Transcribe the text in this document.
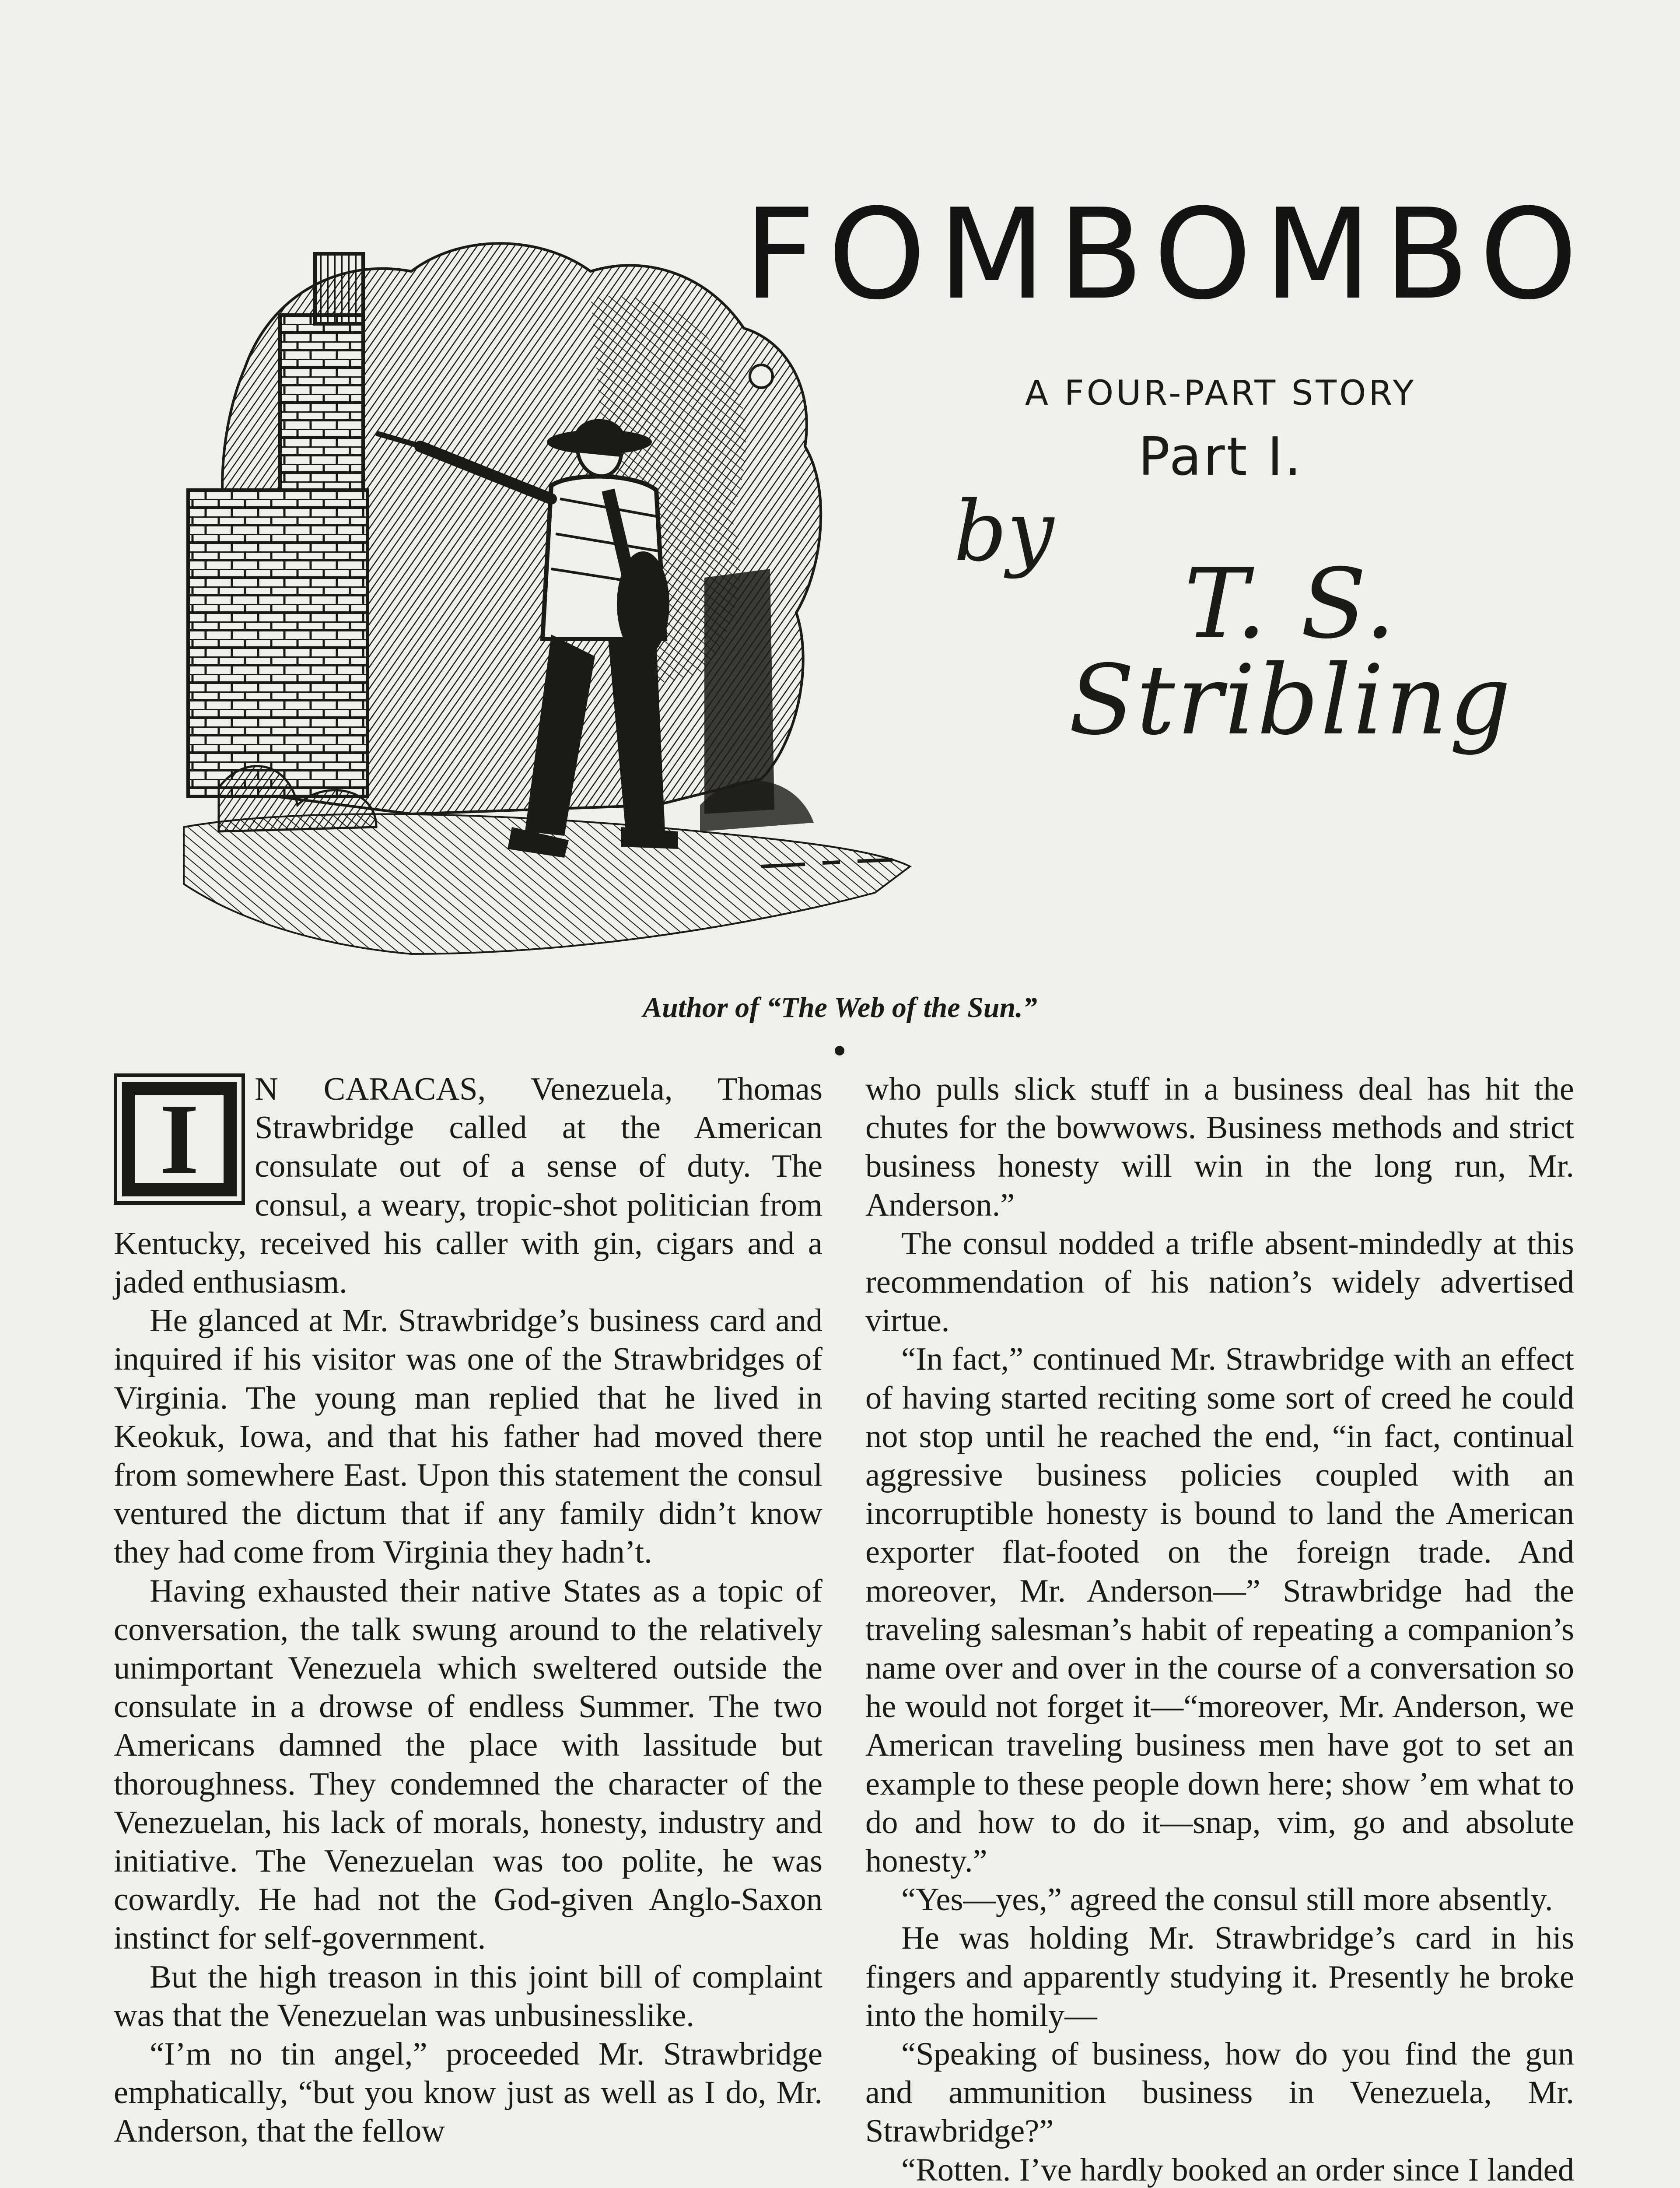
FOMBOMBO
A FOUR-PART STORY
Part I.
by
T. S. Stribling
Author of “The Web of the Sun.”
I	N CARACAS, Venezuela, Thomas Strawbridge called at the American consulate out of a sense of duty. The consul, a weary, tropic-shot politician from Kentucky, received his caller with gin, cigars and a jaded enthusiasm.

He glanced at Mr. Strawbridge’s business card and inquired if his visitor was one of the Strawbridges of Virginia. The young man replied that he lived in Keokuk, Iowa, and that his father had moved there from somewhere East. Upon this statement the consul ventured the dictum that if any family didn’t know they had come from Virginia they hadn’t.

Having exhausted their native States as a topic of conversation, the talk swung around to the relatively unimportant Venezuela which sweltered outside the consulate in a drowse of endless Summer. The two Americans damned the place with lassitude but thoroughness. They condemned the character of the Venezuelan, his lack of morals, honesty, industry and initiative. The Venezuelan was too polite, he was cowardly. He had not the God-given Anglo-Saxon instinct for self-government.

But the high treason in this joint bill of complaint was that the Venezuelan was unbusinesslike.

“I’m no tin angel,” proceeded Mr. Strawbridge emphatically, “but you know just as well as I do, Mr. Anderson, that the fellow

who pulls slick stuff in a business deal has hit the chutes for the bowwows. Business methods and strict business honesty will win in the long run, Mr. Anderson.”

The consul nodded a trifle absent-mindedly at this recommendation of his nation’s widely advertised virtue.

“In fact,” continued Mr. Strawbridge with an effect of having started reciting some sort of creed he could not stop until he reached the end, “in fact, continual aggressive business policies coupled with an incorruptible honesty is bound to land the American exporter flat-footed on the foreign trade. And moreover, Mr. Anderson—” Strawbridge had the traveling salesman’s habit of repeating a companion’s name over and over in the course of a conversation so he would not forget it—“moreover, Mr. Anderson, we American traveling business men have got to set an example to these people down here; show ’em what to do and how to do it—snap, vim, go and absolute honesty.”

“Yes—yes,” agreed the consul still more absently.

He was holding Mr. Strawbridge’s card in his fingers and apparently studying it. Presently he broke into the homily—

“Speaking of business, how do you find the gun and ammunition business in Venezuela, Mr. Strawbridge?”

“Rotten. I’ve hardly booked an order since I landed
